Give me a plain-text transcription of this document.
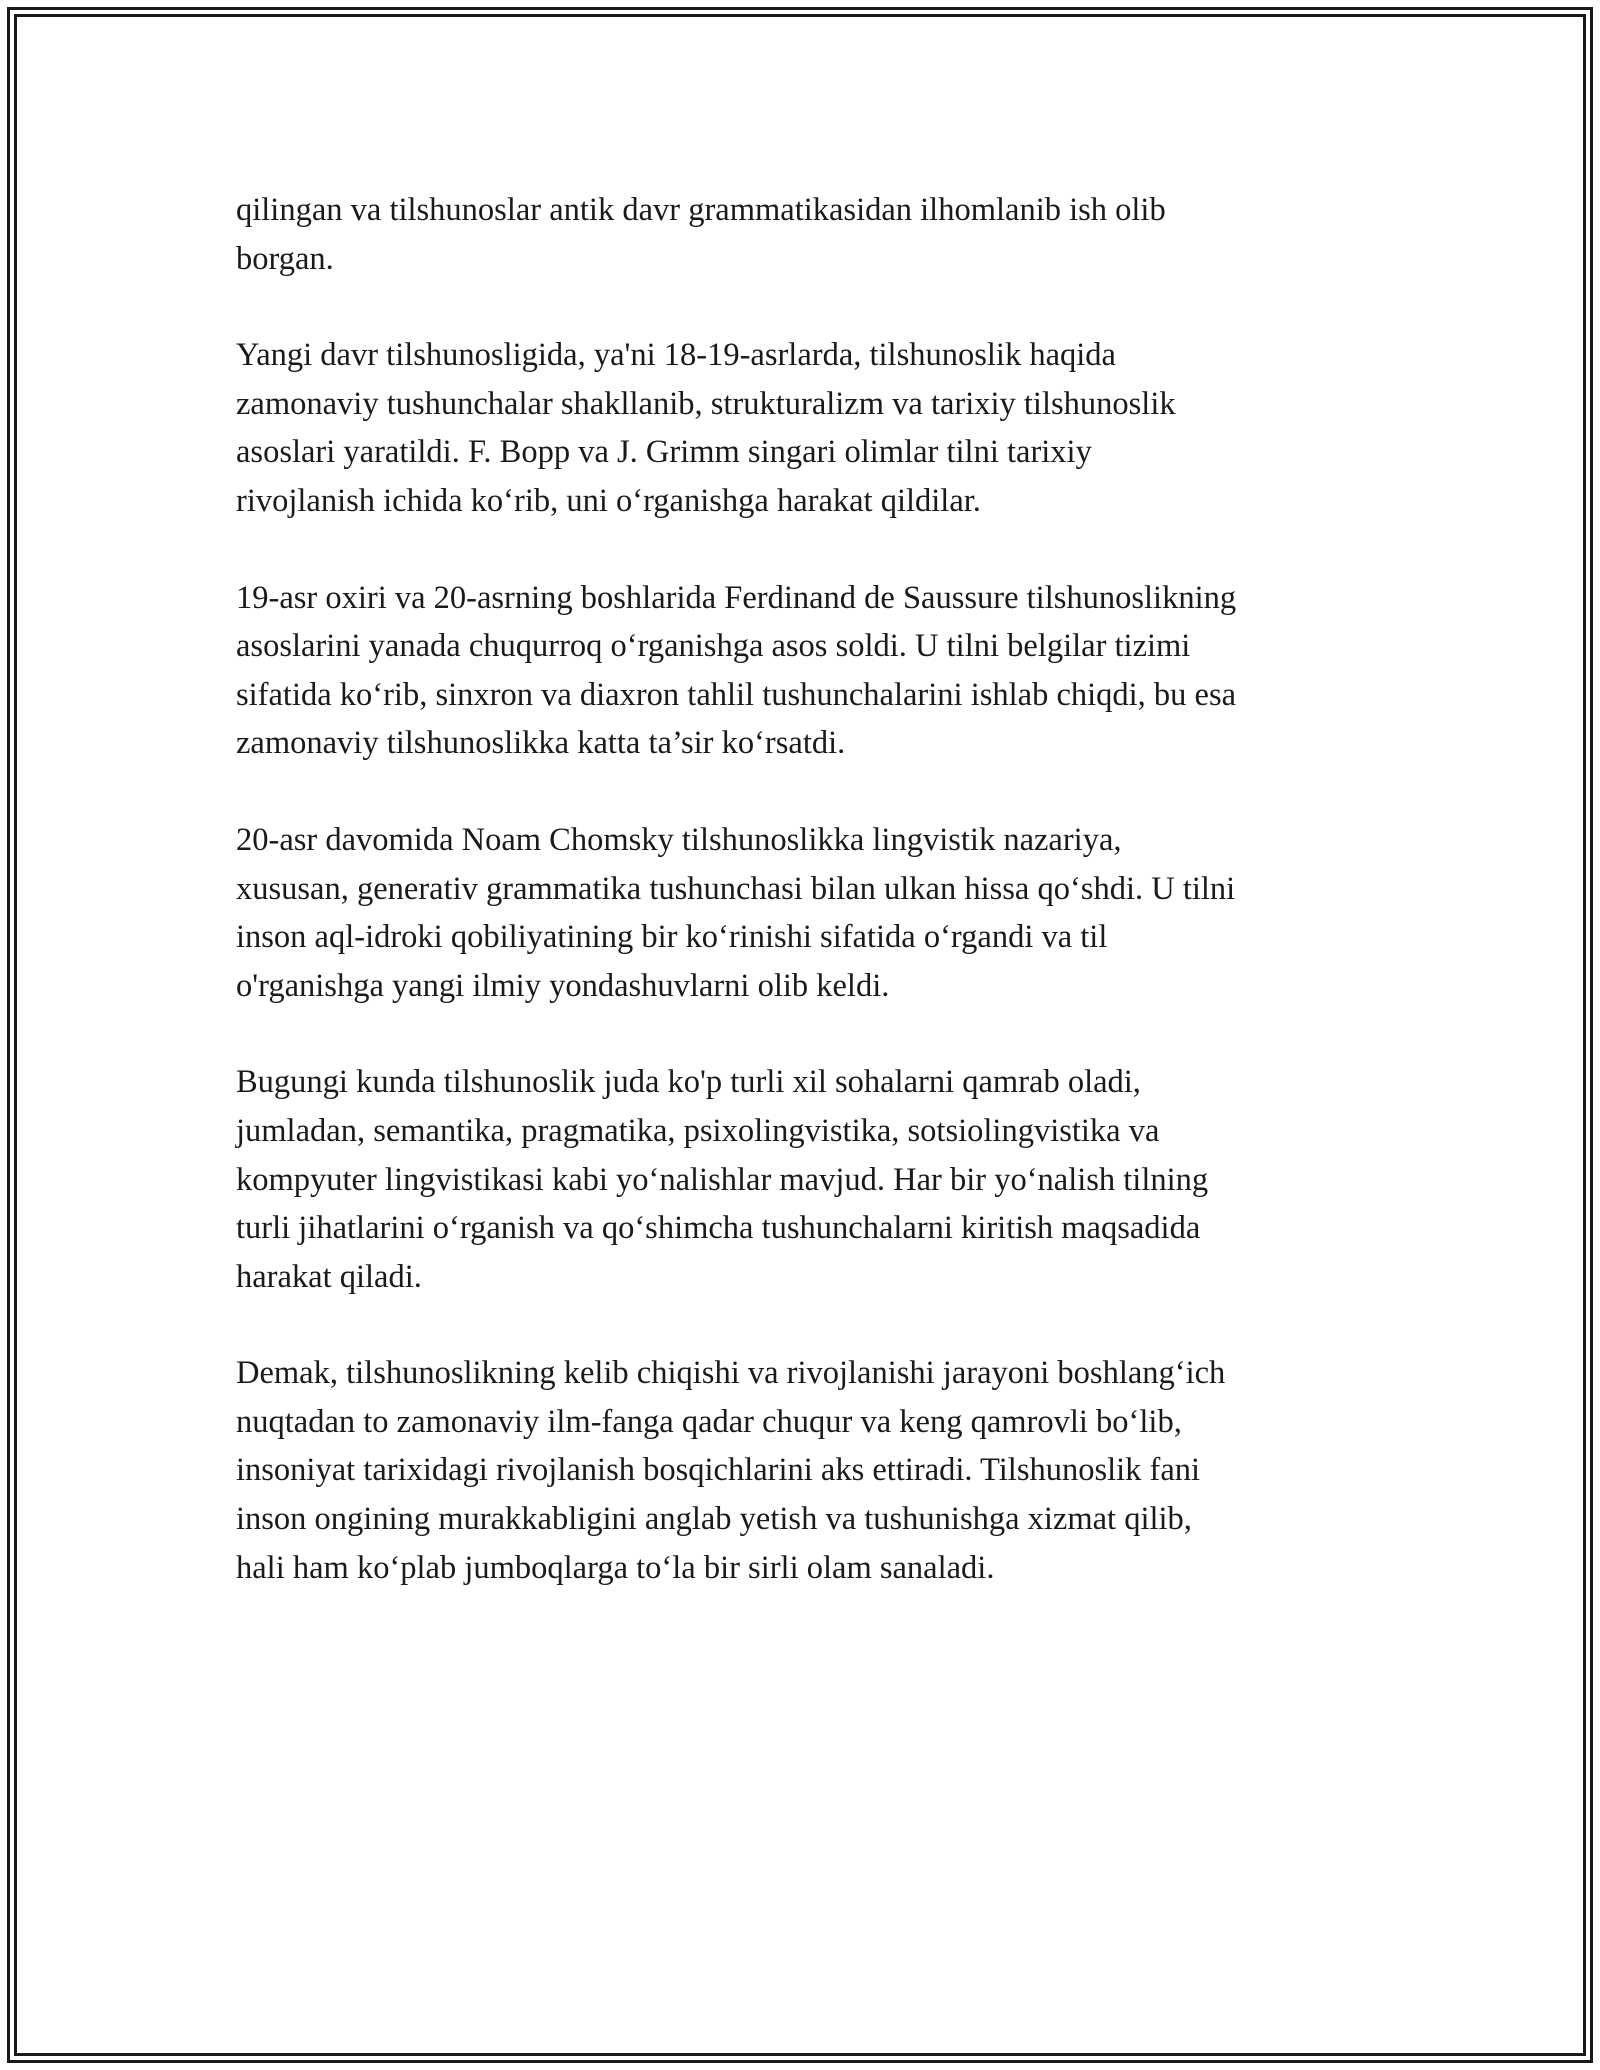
qilingan va tilshunoslar antik davr grammatikasidan ilhomlanib ish olib
borgan.

Yangi davr tilshunosligida, ya'ni 18-19-asrlarda, tilshunoslik haqida
zamonaviy tushunchalar shakllanib, strukturalizm va tarixiy tilshunoslik
asoslari yaratildi. F. Bopp va J. Grimm singari olimlar tilni tarixiy
rivojlanish ichida ko‘rib, uni o‘rganishga harakat qildilar.

19-asr oxiri va 20-asrning boshlarida Ferdinand de Saussure tilshunoslikning
asoslarini yanada chuqurroq o‘rganishga asos soldi. U tilni belgilar tizimi
sifatida ko‘rib, sinxron va diaxron tahlil tushunchalarini ishlab chiqdi, bu esa
zamonaviy tilshunoslikka katta ta’sir ko‘rsatdi.

20-asr davomida Noam Chomsky tilshunoslikka lingvistik nazariya,
xususan, generativ grammatika tushunchasi bilan ulkan hissa qo‘shdi. U tilni
inson aql-idroki qobiliyatining bir ko‘rinishi sifatida o‘rgandi va til
o'rganishga yangi ilmiy yondashuvlarni olib keldi.

Bugungi kunda tilshunoslik juda ko'p turli xil sohalarni qamrab oladi,
jumladan, semantika, pragmatika, psixolingvistika, sotsiolingvistika va
kompyuter lingvistikasi kabi yo‘nalishlar mavjud. Har bir yo‘nalish tilning
turli jihatlarini o‘rganish va qo‘shimcha tushunchalarni kiritish maqsadida
harakat qiladi.

Demak, tilshunoslikning kelib chiqishi va rivojlanishi jarayoni boshlang‘ich
nuqtadan to zamonaviy ilm-fanga qadar chuqur va keng qamrovli bo‘lib,
insoniyat tarixidagi rivojlanish bosqichlarini aks ettiradi. Tilshunoslik fani
inson ongining murakkabligini anglab yetish va tushunishga xizmat qilib,
hali ham ko‘plab jumboqlarga to‘la bir sirli olam sanaladi.
